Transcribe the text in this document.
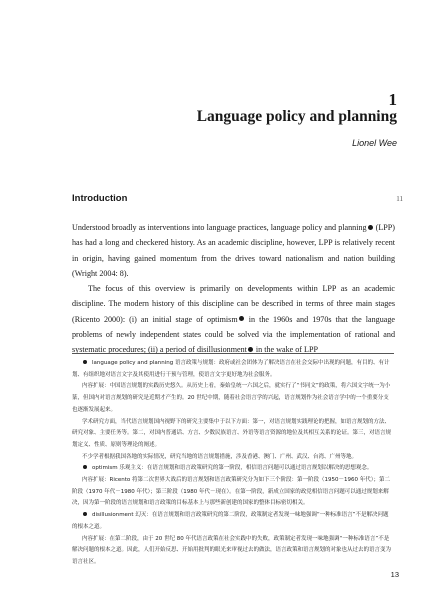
1
Language policy and planning
Lionel Wee
Introduction	11

Understood broadly as interventions into language practices, language policy and planning (LPP) has had a long and checkered history. As an academic discipline, however, LPP is relatively recent in origin, having gained momentum from the drives toward nationalism and nation building (Wright 2004: 8).

The focus of this overview is primarily on developments within LPP as an academic discipline. The modern history of this discipline can be described in terms of three main stages (Ricento 2000): (i) an initial stage of optimism in the 1960s and 1970s that the language problems of newly independent states could be solved via the implementation of rational and systematic procedures; (ii) a period of disillusionment in the wake of LPP

language policy and planning 语言政策与规划：政府或社会团体为了解决语言在社会交际中出现的问题，有目的、有计划、有组织地对语言文字及其使用进行干预与管理，使语言文字更好地为社会服务。

内容扩展：中国语言规划的实践历史悠久。从历史上看，秦始皇统一六国之后，就实行了“书同文”的政策，将六国文字统一为小篆，但国内对语言规划的研究是近期才产生的。20 世纪中期，随着社会语言学的兴起，语言规划作为社会语言学中的一个重要分支也逐渐发展起来。

学术研究方面，当代语言规划国内视野下的研究主要集中于以下方面：第一，对语言规划实践理论的把握，如语言规划的方法、研究对象、主要任务等。第二，对国内普通话、方言、少数民族语言、外语等语言资源的地位及其相互关系的论证。第三，对语言规划定义、性质、原则等理论的阐述。

不少学者根据我国各地的实际情况，研究当地的语言规划措施，涉及香港、澳门、广州、武汉、台湾、广州等地。

optimism 乐观主义：在语言规划和语言政策研究的第一阶段，相信语言问题可以通过语言规划以解决的思想观念。

内容扩展：Ricento 将第二次世界大战后的语言规划和语言政策研究分为如下三个阶段：第一阶段（1950－1960 年代）；第二阶段（1970 年代－1980 年代）；第三阶段（1980 年代－现在）。在第一阶段，新成立国家的政党相信语言问题可以通过规划来解决，因为第一阶段的语言规划和语言政策的目标基本上与那些新创建的国家的整体目标密切相关。

disillusionment 幻灭：在语言规划和语言政策研究的第二阶段，政策制定者发现一味地强调“一种标准语言”不是解决问题的根本之道。

内容扩展：在第二阶段，由于 20 世纪 80 年代语言政策在社会实践中的失败，政策制定者发现一味地强调“一种标准语言”不是解决问题的根本之道。因此，人们开始反思、开始用批判的眼光来审视过去的做法，语言政策和语言规划的对象也从过去的语言变为语言社区。

13
